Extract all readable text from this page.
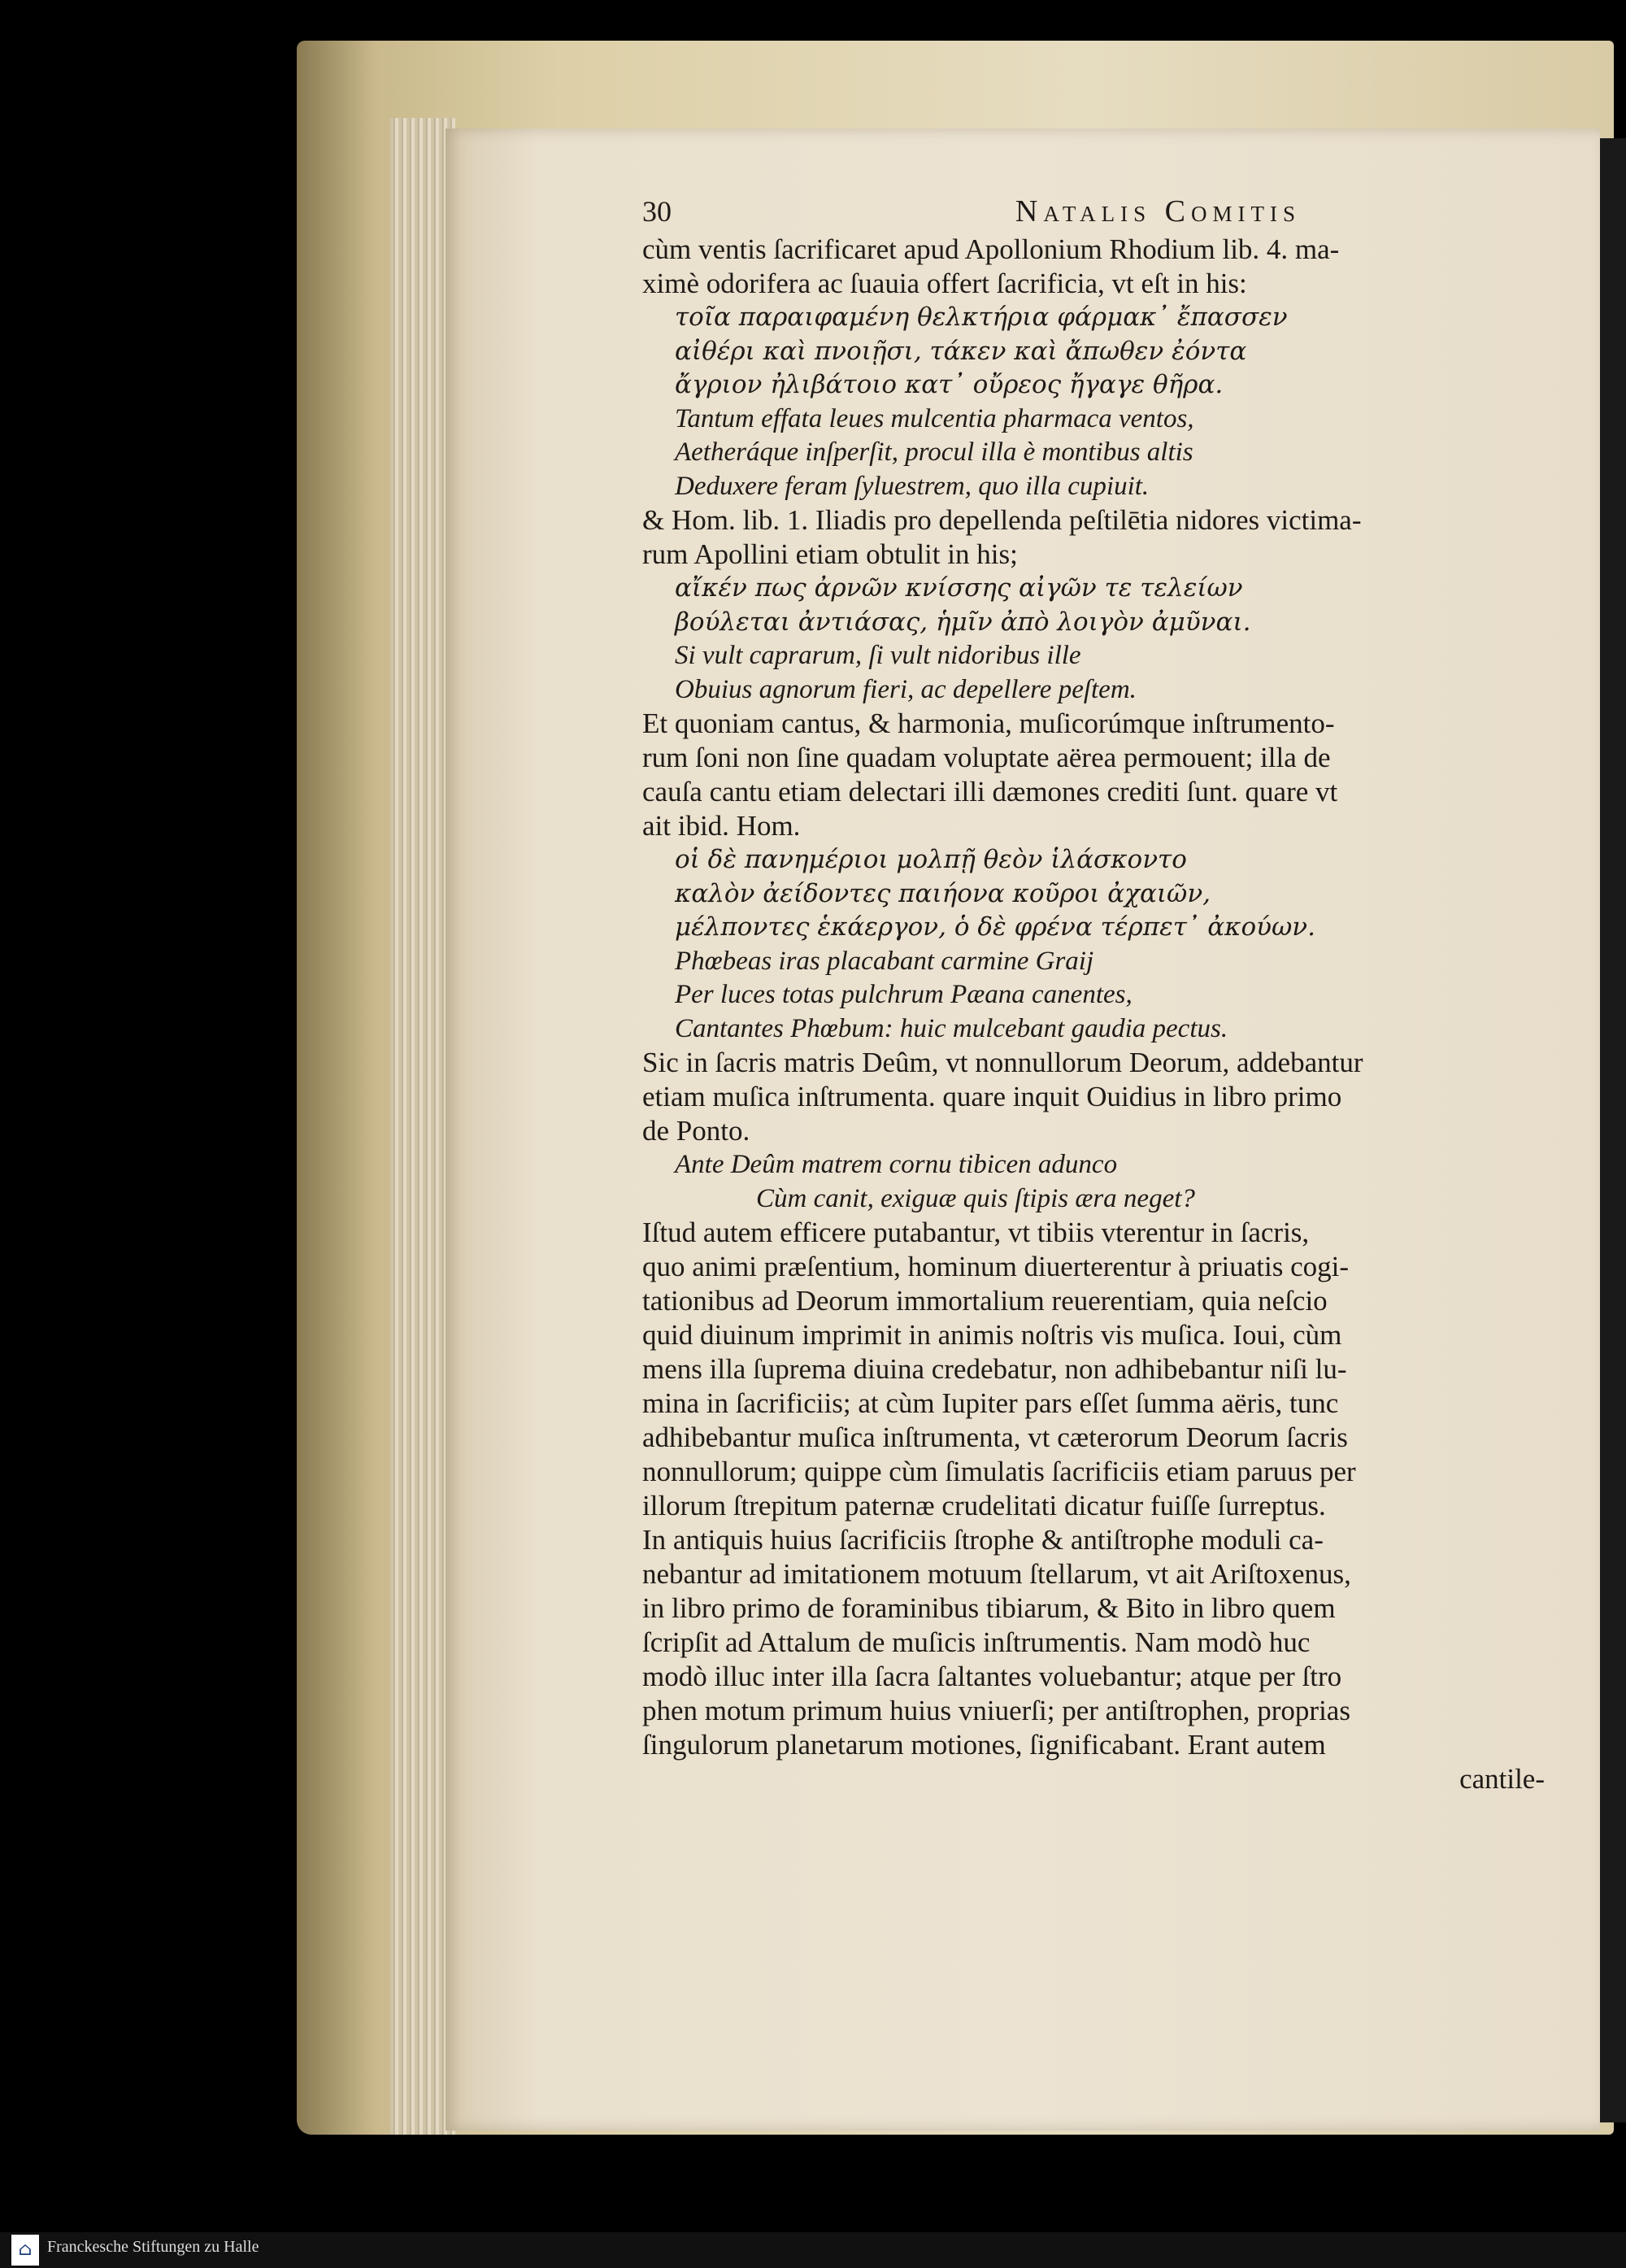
30	Natalis Comitis
cùm ventis ſacrificaret apud Apollonium Rhodium lib. 4. ma-
ximè odorifera ac ſuauia offert ſacrificia, vt eſt in his:
τοῖα παραιφαμένη θελκτήρια φάρμακ᾽ ἔπασσεν
αἰθέρι καὶ πνοιῇσι, τάκεν καὶ ἄπωθεν ἐόντα
ἄγριον ἠλιβάτοιο κατ᾽ οὔρεος ἤγαγε θῆρα.
Tantum effata leues mulcentia pharmaca ventos,
Aetheráque inſperſit, procul illa è montibus altis
Deduxere feram ſyluestrem, quo illa cupiuit.
& Hom. lib. 1. Iliadis pro depellenda peſtilētia nidores victima-
rum Apollini etiam obtulit in his;
αἴκέν πως ἀρνῶν κνίσσης αἰγῶν τε τελείων
βούλεται ἀντιάσας, ἡμῖν ἀπὸ λοιγὸν ἀμῦναι.
Si vult caprarum, ſi vult nidoribus ille
Obuius agnorum fieri, ac depellere peſtem.
Et quoniam cantus, & harmonia, muſicorúmque inſtrumento-
rum ſoni non ſine quadam voluptate aërea permouent; illa de
cauſa cantu etiam delectari illi dæmones crediti ſunt. quare vt
ait ibid. Hom.
οἱ δὲ πανημέριοι μολπῇ θεὸν ἱλάσκοντο
καλὸν ἀείδοντες παιήονα κοῦροι ἀχαιῶν,
μέλποντες ἑκάεργον, ὁ δὲ φρένα τέρπετ᾽ ἀκούων.
Phœbeas iras placabant carmine Graij
Per luces totas pulchrum Pæana canentes,
Cantantes Phœbum: huic mulcebant gaudia pectus.
Sic in ſacris matris Deûm, vt nonnullorum Deorum, addebantur
etiam muſica inſtrumenta. quare inquit Ouidius in libro primo
de Ponto.
Ante Deûm matrem cornu tibicen adunco
Cùm canit, exiguæ quis ſtipis æra neget?
Iſtud autem efficere putabantur, vt tibiis vterentur in ſacris,
quo animi præſentium, hominum diuerterentur à priuatis cogi-
tationibus ad Deorum immortalium reuerentiam, quia neſcio
quid diuinum imprimit in animis noſtris vis muſica. Ioui, cùm
mens illa ſuprema diuina credebatur, non adhibebantur niſi lu-
mina in ſacrificiis; at cùm Iupiter pars eſſet ſumma aëris, tunc
adhibebantur muſica inſtrumenta, vt cæterorum Deorum ſacris
nonnullorum; quippe cùm ſimulatis ſacrificiis etiam paruus per
illorum ſtrepitum paternæ crudelitati dicatur fuiſſe ſurreptus.
In antiquis huius ſacrificiis ſtrophe & antiſtrophe moduli ca-
nebantur ad imitationem motuum ſtellarum, vt ait Ariſtoxenus,
in libro primo de foraminibus tibiarum, & Bito in libro quem
ſcripſit ad Attalum de muſicis inſtrumentis. Nam modò huc
modò illuc inter illa ſacra ſaltantes voluebantur; atque per ſtro
phen motum primum huius vniuerſi; per antiſtrophen, proprias
ſingulorum planetarum motiones, ſignificabant. Erant autem
cantile-
⌂ Franckesche Stiftungen zu Halle
